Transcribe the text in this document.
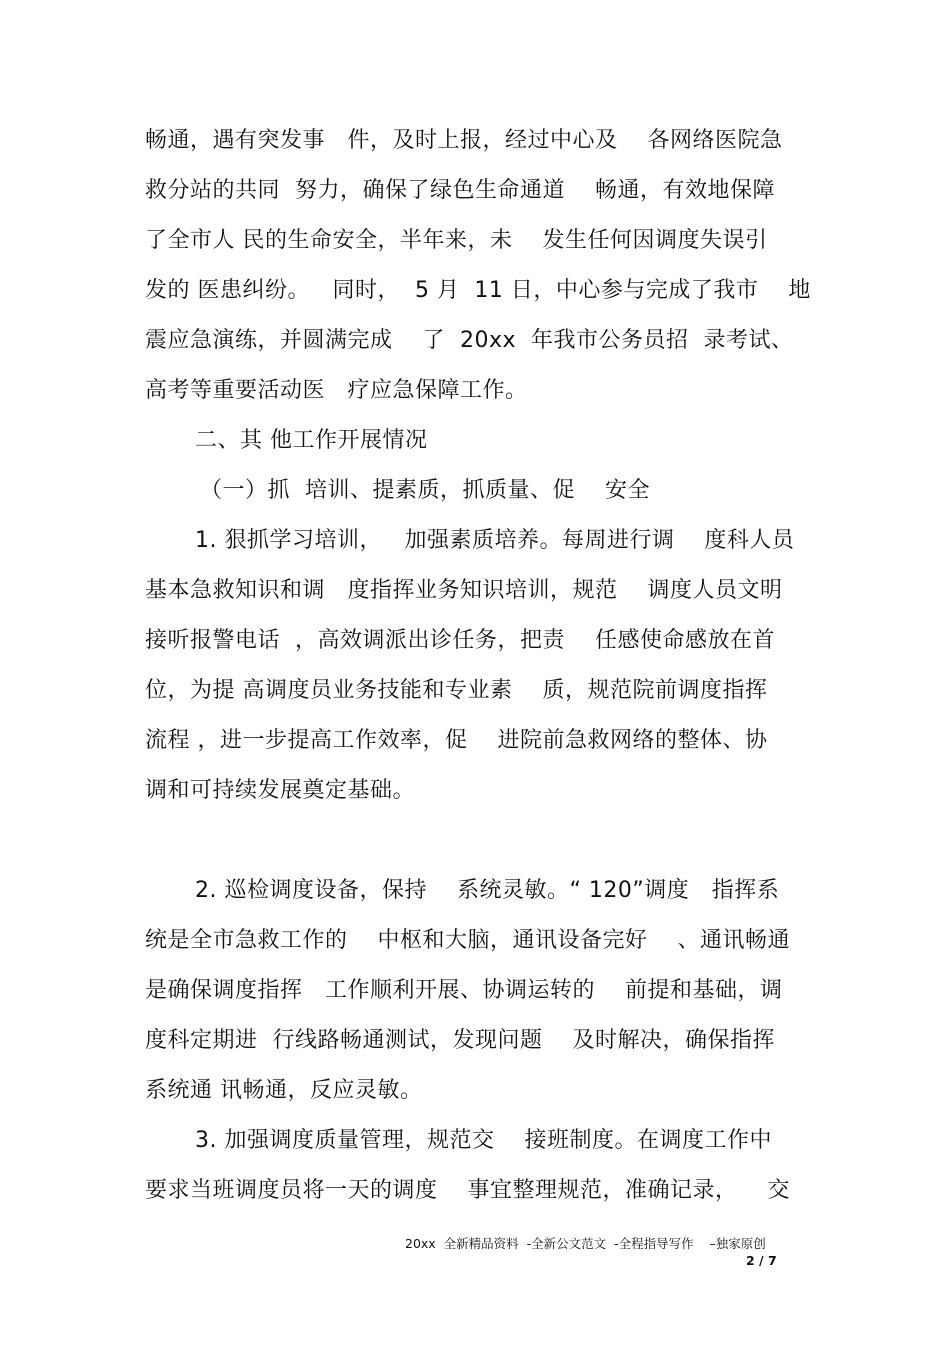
畅通，遇有突发事   件，及时上报，经过中心及    各网络医院急
救分站的共同  努力，确保了绿色生命通道    畅通，有效地保障
了全市人 民的生命安全，半年来，未    发生任何因调度失误引
发的 医患纠纷。   同时，  5 月  11 日，中心参与完成了我市    地
震应急演练，并圆满完成    了  20xx  年我市公务员招  录考试、
高考等重要活动医   疗应急保障工作。
二、其 他工作开展情况
（一）抓  培训、提素质，抓质量、促    安全
1. 狠抓学习培训，   加强素质培养。每周进行调    度科人员
基本急救知识和调   度指挥业务知识培训，规范    调度人员文明
接听报警电话  ，高效调派出诊任务，把责    任感使命感放在首
位，为提 高调度员业务技能和专业素    质，规范院前调度指挥
流程 ，进一步提高工作效率，促    进院前急救网络的整体、协
调和可持续发展奠定基础。
2. 巡检调度设备，保持    系统灵敏。“ 120”调度   指挥系
统是全市急救工作的    中枢和大脑，通讯设备完好    、通讯畅通
是确保调度指挥   工作顺利开展、协调运转的    前提和基础，调
度科定期进  行线路畅通测试，发现问题    及时解决，确保指挥
系统通 讯畅通，反应灵敏。
3. 加强调度质量管理，规范交    接班制度。在调度工作中
要求当班调度员将一天的调度    事宜整理规范，准确记录，    交
20xx  全新精品资料  -全新公文范文  -全程指导写作    –独家原创
2 / 7
